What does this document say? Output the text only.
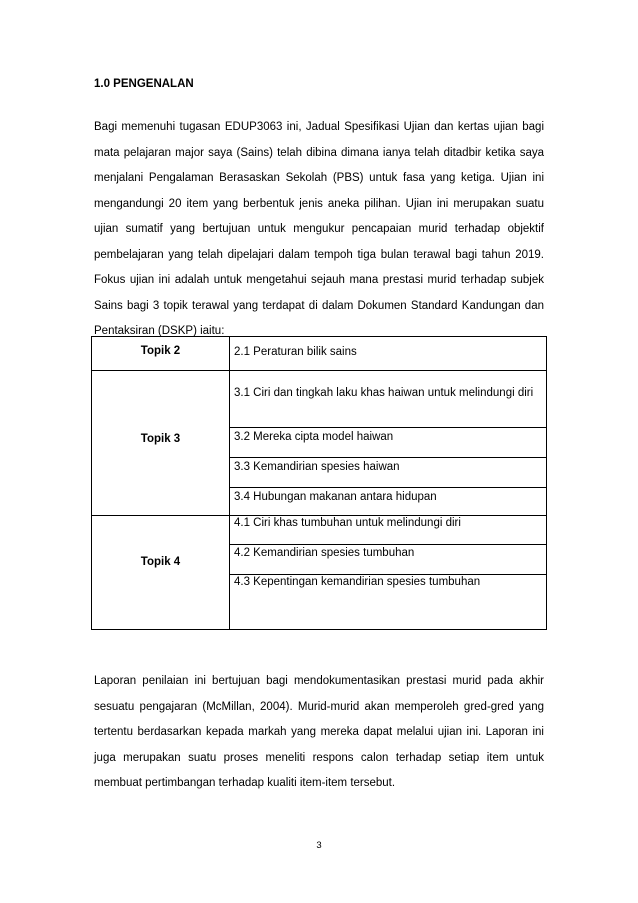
1.0 PENGENALAN

Bagi memenuhi tugasan EDUP3063 ini, Jadual Spesifikasi Ujian dan kertas ujian bagi mata pelajaran major saya (Sains) telah dibina dimana ianya telah ditadbir ketika saya menjalani Pengalaman Berasaskan Sekolah (PBS) untuk fasa yang ketiga. Ujian ini mengandungi 20 item yang berbentuk jenis aneka pilihan. Ujian ini merupakan suatu ujian sumatif yang bertujuan untuk mengukur pencapaian murid terhadap objektif pembelajaran yang telah dipelajari dalam tempoh tiga bulan terawal bagi tahun 2019. Fokus ujian ini adalah untuk mengetahui sejauh mana prestasi murid terhadap subjek Sains bagi 3 topik terawal yang terdapat di dalam Dokumen Standard Kandungan dan Pentaksiran (DSKP) iaitu:

Topik 2	2.1 Peraturan bilik sains

Topik 3	3.1 Ciri dan tingkah laku khas haiwan untuk melindungi diri
3.2 Mereka cipta model haiwan
3.3 Kemandirian spesies haiwan
3.4 Hubungan makanan antara hidupan

Topik 4	4.1 Ciri khas tumbuhan untuk melindungi diri
4.2 Kemandirian spesies tumbuhan
4.3 Kepentingan kemandirian spesies tumbuhan

Laporan penilaian ini bertujuan bagi mendokumentasikan prestasi murid pada akhir sesuatu pengajaran (McMillan, 2004). Murid-murid akan memperoleh gred-gred yang tertentu berdasarkan kepada markah yang mereka dapat melalui ujian ini. Laporan ini juga merupakan suatu proses meneliti respons calon terhadap setiap item untuk membuat pertimbangan terhadap kualiti item-item tersebut.

3
